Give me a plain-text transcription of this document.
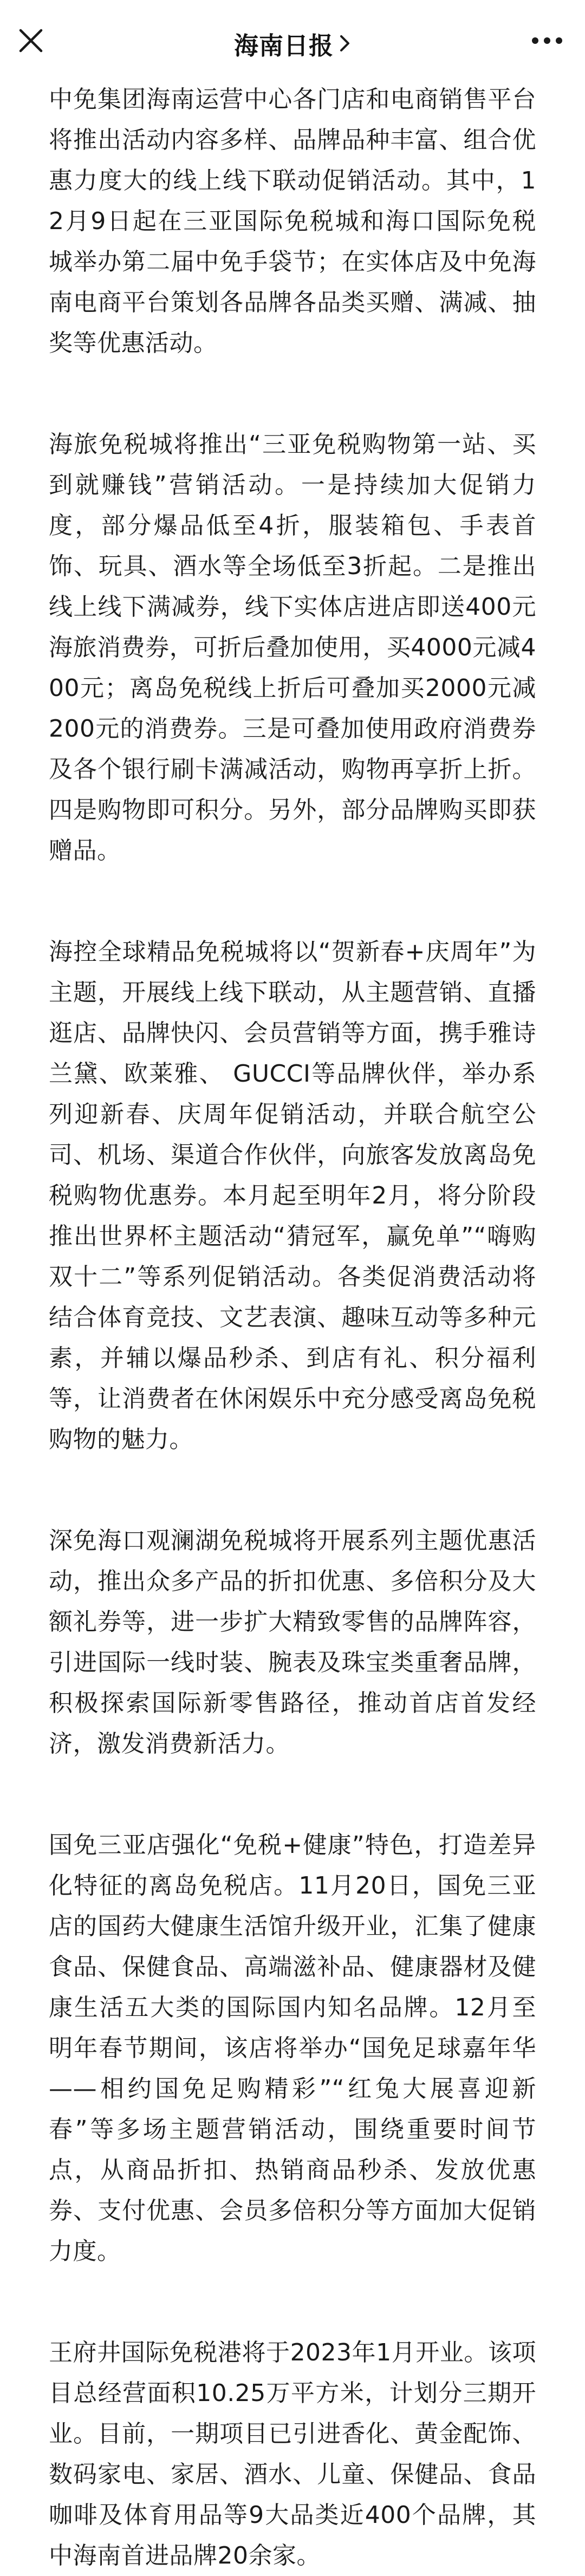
海南日报

中免集团海南运营中心各门店和电商销售平台将推出活动内容多样、品牌品种丰富、组合优惠力度大的线上线下联动促销活动。其中，12月9日起在三亚国际免税城和海口国际免税城举办第二届中免手袋节；在实体店及中免海南电商平台策划各品牌各品类买赠、满减、抽奖等优惠活动。

海旅免税城将推出“三亚免税购物第一站、买到就赚钱”营销活动。一是持续加大促销力度，部分爆品低至4折，服装箱包、手表首饰、玩具、酒水等全场低至3折起。二是推出线上线下满减券，线下实体店进店即送400元海旅消费券，可折后叠加使用，买4000元减400元；离岛免税线上折后可叠加买2000元减200元的消费券。三是可叠加使用政府消费券及各个银行刷卡满减活动，购物再享折上折。四是购物即可积分。另外，部分品牌购买即获赠品。

海控全球精品免税城将以“贺新春+庆周年”为主题，开展线上线下联动，从主题营销、直播逛店、品牌快闪、会员营销等方面，携手雅诗兰黛、欧莱雅、 GUCCI等品牌伙伴，举办系列迎新春、庆周年促销活动，并联合航空公司、机场、渠道合作伙伴，向旅客发放离岛免税购物优惠券。本月起至明年2月，将分阶段推出世界杯主题活动“猜冠军，赢免单”“嗨购双十二”等系列促销活动。各类促消费活动将结合体育竞技、文艺表演、趣味互动等多种元素，并辅以爆品秒杀、到店有礼、积分福利等，让消费者在休闲娱乐中充分感受离岛免税购物的魅力。

深免海口观澜湖免税城将开展系列主题优惠活动，推出众多产品的折扣优惠、多倍积分及大额礼券等，进一步扩大精致零售的品牌阵容，引进国际一线时装、腕表及珠宝类重奢品牌，积极探索国际新零售路径，推动首店首发经济，激发消费新活力。

国免三亚店强化“免税+健康”特色，打造差异化特征的离岛免税店。11月20日，国免三亚店的国药大健康生活馆升级开业，汇集了健康食品、保健食品、高端滋补品、健康器材及健康生活五大类的国际国内知名品牌。12月至明年春节期间，该店将举办“国免足球嘉年华——相约国免足购精彩”“红兔大展喜迎新春”等多场主题营销活动，围绕重要时间节点，从商品折扣、热销商品秒杀、发放优惠券、支付优惠、会员多倍积分等方面加大促销力度。

王府井国际免税港将于2023年1月开业。该项目总经营面积10.25万平方米，计划分三期开业。目前，一期项目已引进香化、黄金配饰、数码家电、家居、酒水、儿童、保健品、食品咖啡及体育用品等9大品类近400个品牌，其中海南首进品牌20余家。
